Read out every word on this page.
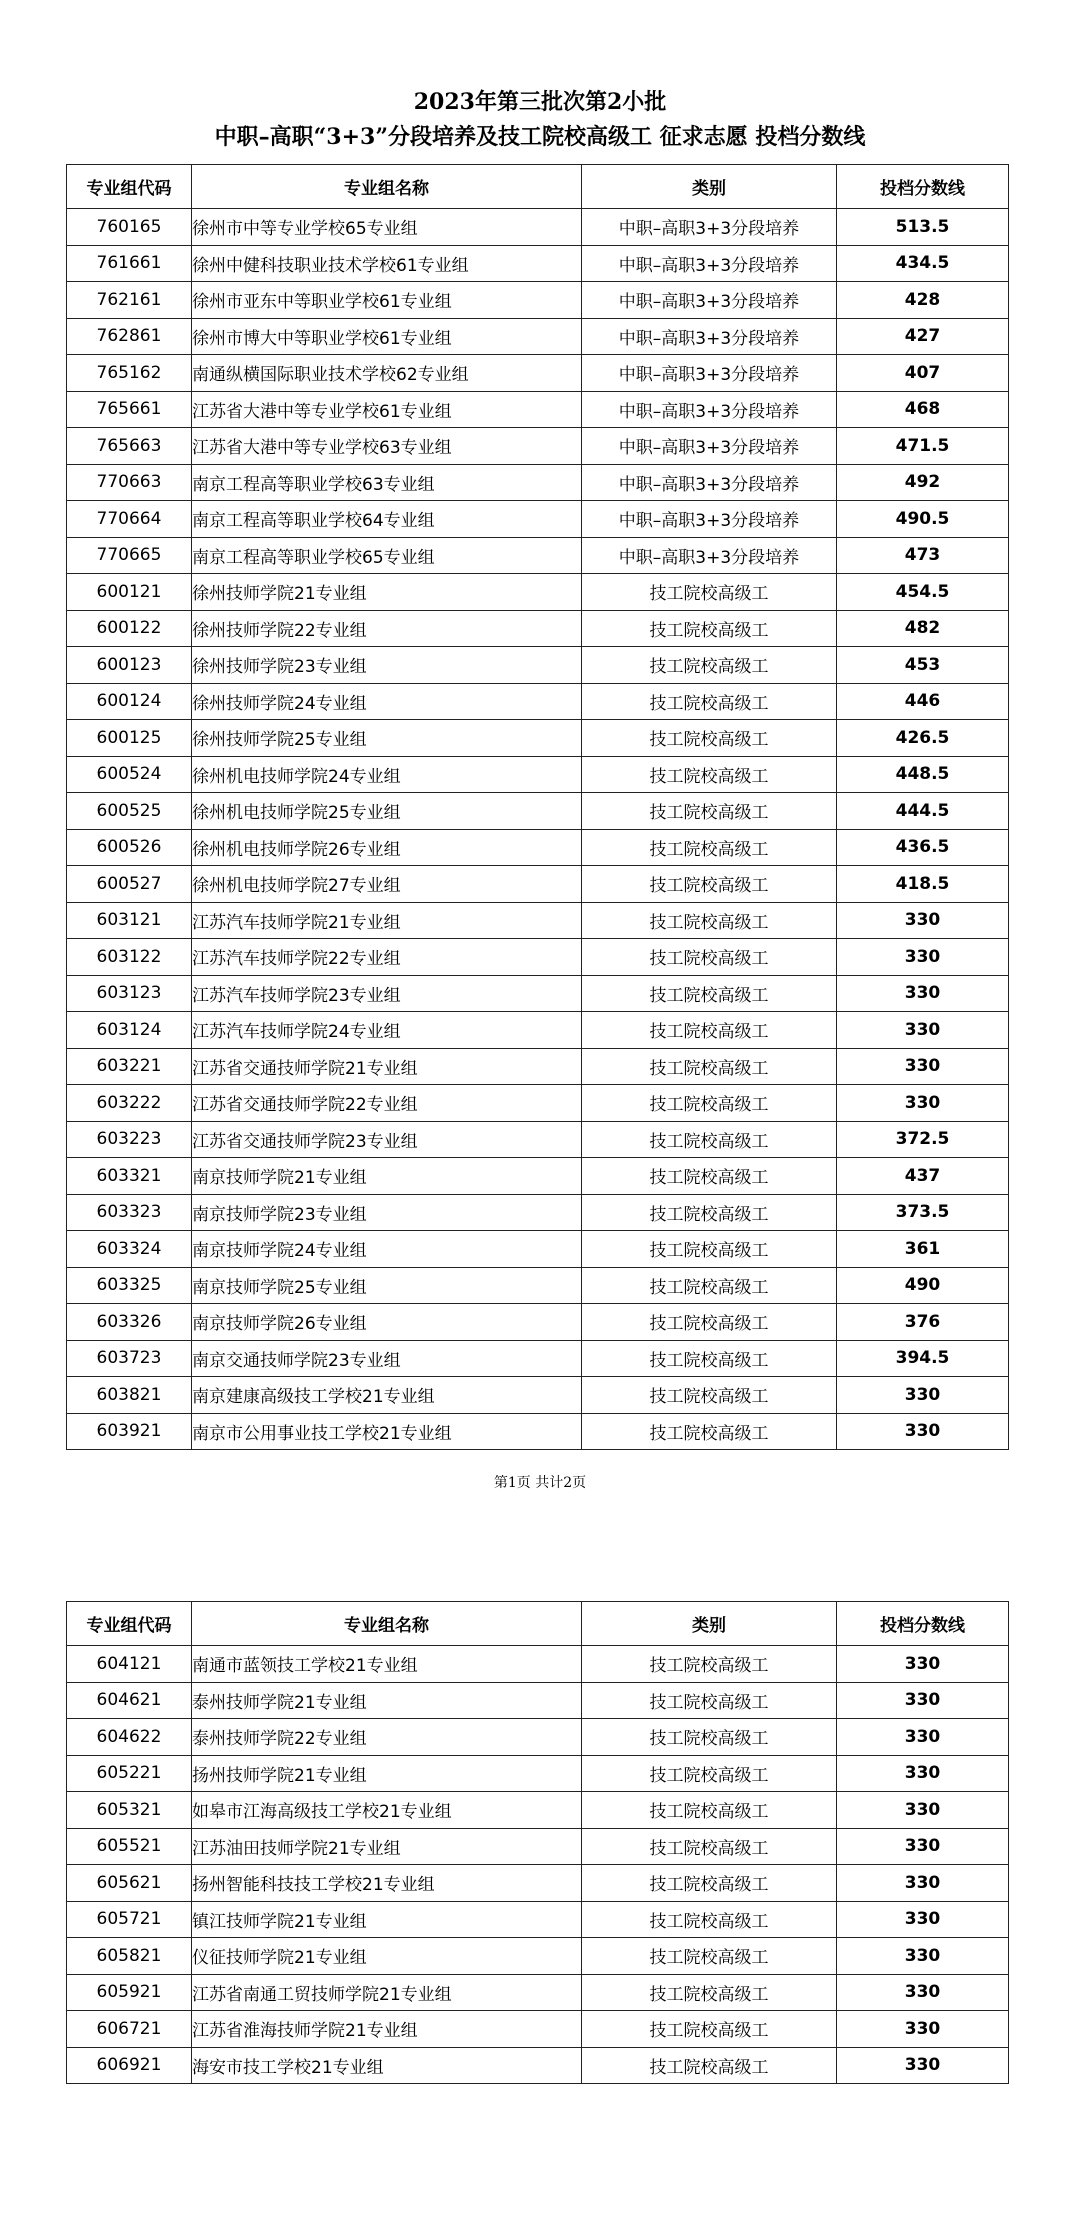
2023年第三批次第2小批
中职–高职“3+3”分段培养及技工院校高级工 征求志愿 投档分数线
专业组代码	专业组名称	类别	投档分数线
760165	徐州市中等专业学校65专业组	中职–高职3+3分段培养	513.5
761661	徐州中健科技职业技术学校61专业组	中职–高职3+3分段培养	434.5
762161	徐州市亚东中等职业学校61专业组	中职–高职3+3分段培养	428
762861	徐州市博大中等职业学校61专业组	中职–高职3+3分段培养	427
765162	南通纵横国际职业技术学校62专业组	中职–高职3+3分段培养	407
765661	江苏省大港中等专业学校61专业组	中职–高职3+3分段培养	468
765663	江苏省大港中等专业学校63专业组	中职–高职3+3分段培养	471.5
770663	南京工程高等职业学校63专业组	中职–高职3+3分段培养	492
770664	南京工程高等职业学校64专业组	中职–高职3+3分段培养	490.5
770665	南京工程高等职业学校65专业组	中职–高职3+3分段培养	473
600121	徐州技师学院21专业组	技工院校高级工	454.5
600122	徐州技师学院22专业组	技工院校高级工	482
600123	徐州技师学院23专业组	技工院校高级工	453
600124	徐州技师学院24专业组	技工院校高级工	446
600125	徐州技师学院25专业组	技工院校高级工	426.5
600524	徐州机电技师学院24专业组	技工院校高级工	448.5
600525	徐州机电技师学院25专业组	技工院校高级工	444.5
600526	徐州机电技师学院26专业组	技工院校高级工	436.5
600527	徐州机电技师学院27专业组	技工院校高级工	418.5
603121	江苏汽车技师学院21专业组	技工院校高级工	330
603122	江苏汽车技师学院22专业组	技工院校高级工	330
603123	江苏汽车技师学院23专业组	技工院校高级工	330
603124	江苏汽车技师学院24专业组	技工院校高级工	330
603221	江苏省交通技师学院21专业组	技工院校高级工	330
603222	江苏省交通技师学院22专业组	技工院校高级工	330
603223	江苏省交通技师学院23专业组	技工院校高级工	372.5
603321	南京技师学院21专业组	技工院校高级工	437
603323	南京技师学院23专业组	技工院校高级工	373.5
603324	南京技师学院24专业组	技工院校高级工	361
603325	南京技师学院25专业组	技工院校高级工	490
603326	南京技师学院26专业组	技工院校高级工	376
603723	南京交通技师学院23专业组	技工院校高级工	394.5
603821	南京建康高级技工学校21专业组	技工院校高级工	330
603921	南京市公用事业技工学校21专业组	技工院校高级工	330
第1页 共计2页
专业组代码	专业组名称	类别	投档分数线
604121	南通市蓝领技工学校21专业组	技工院校高级工	330
604621	泰州技师学院21专业组	技工院校高级工	330
604622	泰州技师学院22专业组	技工院校高级工	330
605221	扬州技师学院21专业组	技工院校高级工	330
605321	如皋市江海高级技工学校21专业组	技工院校高级工	330
605521	江苏油田技师学院21专业组	技工院校高级工	330
605621	扬州智能科技技工学校21专业组	技工院校高级工	330
605721	镇江技师学院21专业组	技工院校高级工	330
605821	仪征技师学院21专业组	技工院校高级工	330
605921	江苏省南通工贸技师学院21专业组	技工院校高级工	330
606721	江苏省淮海技师学院21专业组	技工院校高级工	330
606921	海安市技工学校21专业组	技工院校高级工	330
